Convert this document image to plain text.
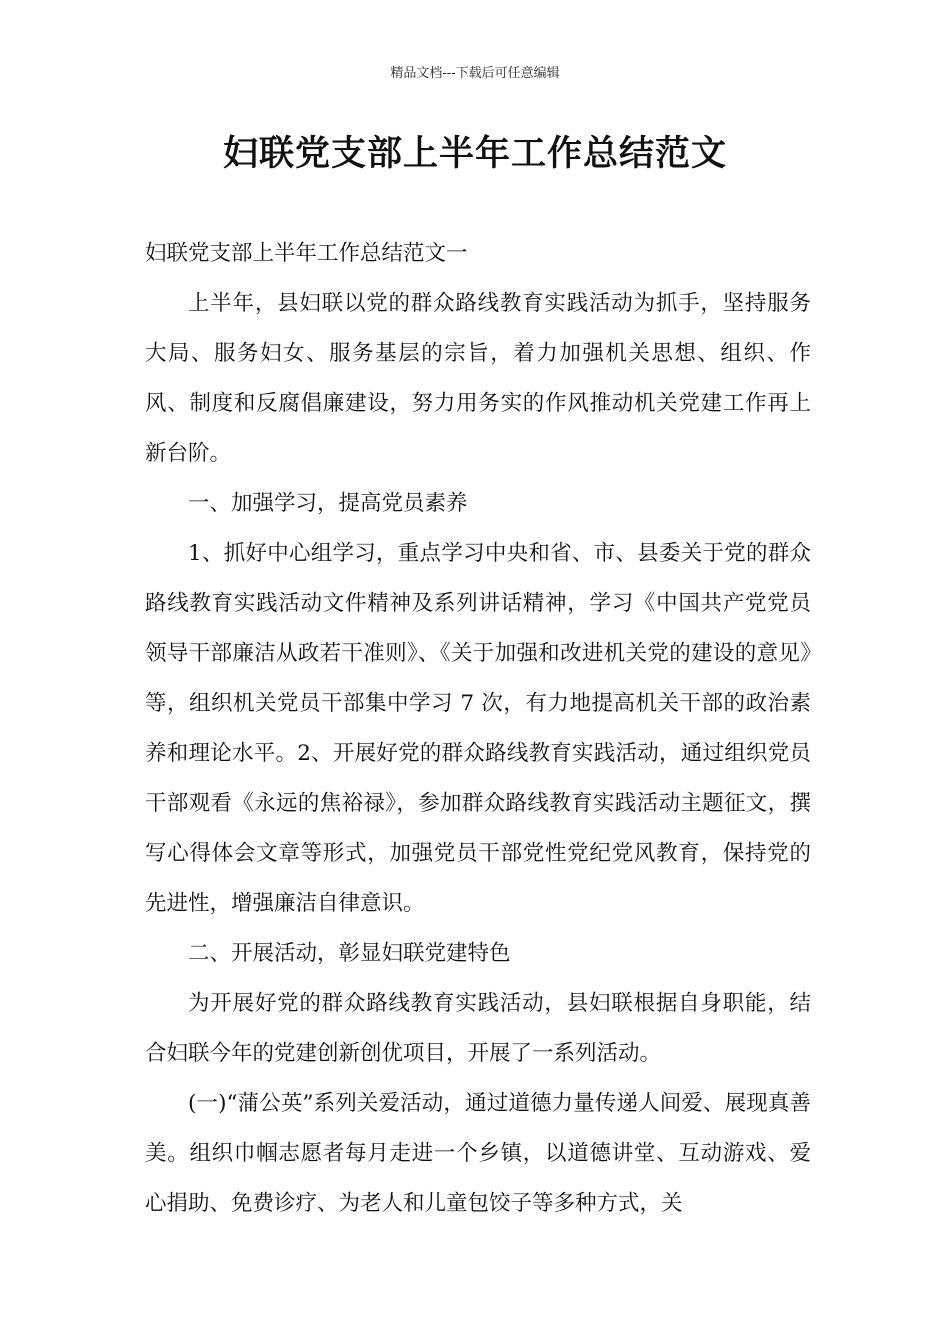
精品文档---下载后可任意编辑
妇联党支部上半年工作总结范文

妇联党支部上半年工作总结范文一

上半年，县妇联以党的群众路线教育实践活动为抓手，坚持服务大局、服务妇女、服务基层的宗旨，着力加强机关思想、组织、作风、制度和反腐倡廉建设，努力用务实的作风推动机关党建工作再上新台阶。

一、加强学习，提高党员素养

1、抓好中心组学习，重点学习中央和省、市、县委关于党的群众路线教育实践活动文件精神及系列讲话精神，学习《中国共产党党员领导干部廉洁从政若干准则》、《关于加强和改进机关党的建设的意见》等，组织机关党员干部集中学习 7 次，有力地提高机关干部的政治素养和理论水平。2、开展好党的群众路线教育实践活动，通过组织党员干部观看《永远的焦裕禄》，参加群众路线教育实践活动主题征文，撰写心得体会文章等形式，加强党员干部党性党纪党风教育，保持党的先进性，增强廉洁自律意识。

二、开展活动，彰显妇联党建特色

为开展好党的群众路线教育实践活动，县妇联根据自身职能，结合妇联今年的党建创新创优项目，开展了一系列活动。

(一)“蒲公英”系列关爱活动，通过道德力量传递人间爱、展现真善美。组织巾帼志愿者每月走进一个乡镇，以道德讲堂、互动游戏、爱心捐助、免费诊疗、为老人和儿童包饺子等多种方式，关
